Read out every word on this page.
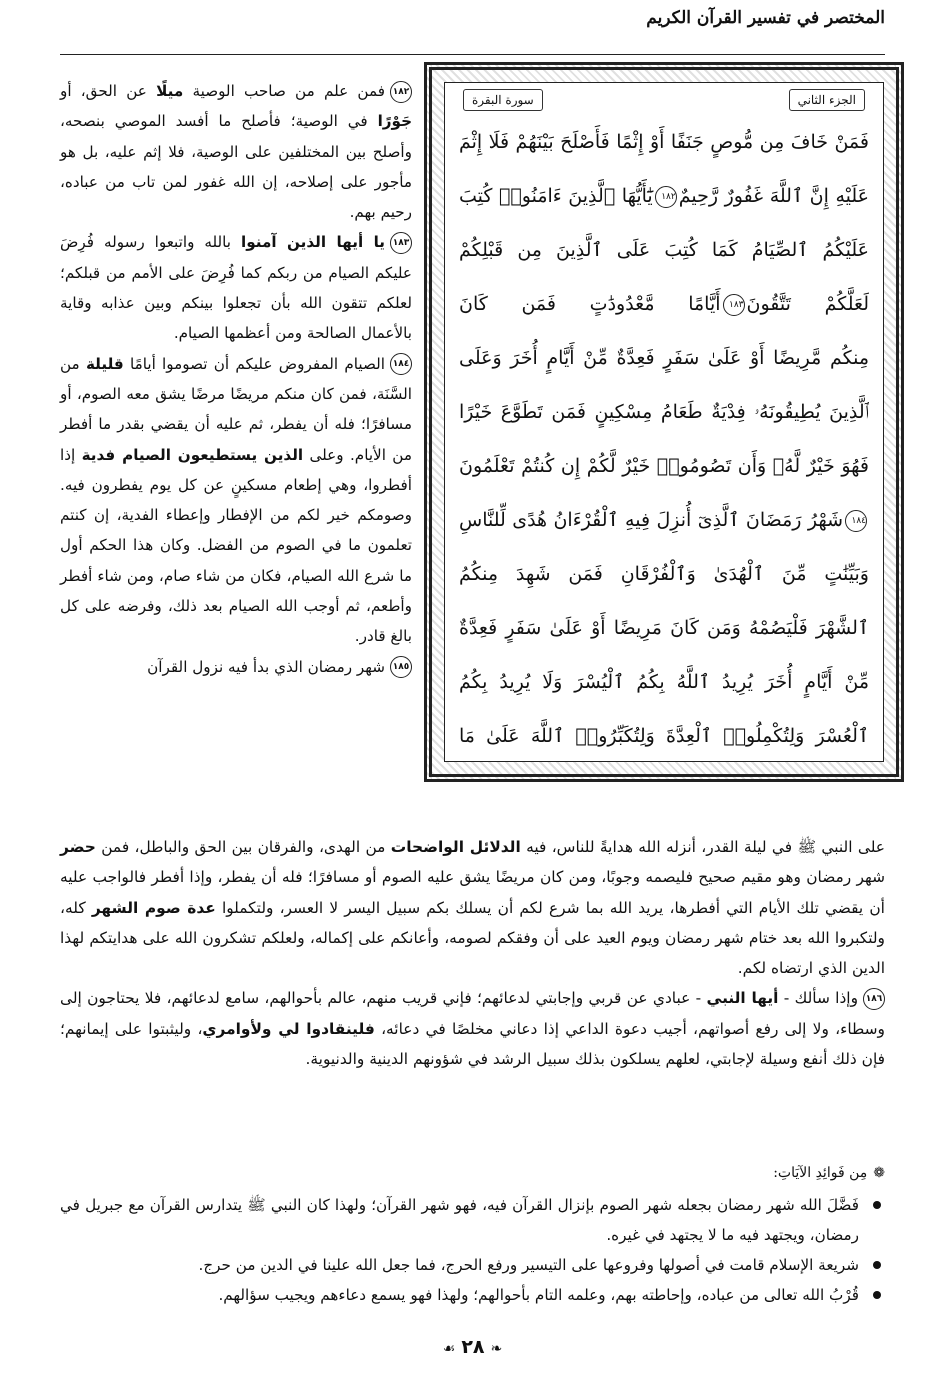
المختصر في تفسير القرآن الكريم
الجزء الثاني
سورة البقرة
فَمَنْ خَافَ مِن مُّوصٍ جَنَفًا أَوْ إِثْمًا فَأَصْلَحَ بَيْنَهُمْ فَلَا إِثْمَ
عَلَيْهِ إِنَّ ٱللَّهَ غَفُورٌ رَّحِيمٌ١٨٢يَٰٓأَيُّهَا ٱلَّذِينَ ءَامَنُوا۟ كُتِبَ
عَلَيْكُمُ ٱلصِّيَامُ كَمَا كُتِبَ عَلَى ٱلَّذِينَ مِن قَبْلِكُمْ
لَعَلَّكُمْ تَتَّقُونَ١٨٣أَيَّامًا مَّعْدُودَٰتٍ فَمَن كَانَ
مِنكُم مَّرِيضًا أَوْ عَلَىٰ سَفَرٍ فَعِدَّةٌ مِّنْ أَيَّامٍ أُخَرَ وَعَلَى
ٱلَّذِينَ يُطِيقُونَهُۥ فِدْيَةٌ طَعَامُ مِسْكِينٍ فَمَن تَطَوَّعَ خَيْرًا
فَهُوَ خَيْرٌ لَّهُۥ وَأَن تَصُومُوا۟ خَيْرٌ لَّكُمْ إِن كُنتُمْ تَعْلَمُونَ
١٨٤شَهْرُ رَمَضَانَ ٱلَّذِىٓ أُنزِلَ فِيهِ ٱلْقُرْءَانُ هُدًى لِّلنَّاسِ
وَبَيِّنَٰتٍ مِّنَ ٱلْهُدَىٰ وَٱلْفُرْقَانِ فَمَن شَهِدَ مِنكُمُ
ٱلشَّهْرَ فَلْيَصُمْهُ وَمَن كَانَ مَرِيضًا أَوْ عَلَىٰ سَفَرٍ فَعِدَّةٌ
مِّنْ أَيَّامٍ أُخَرَ يُرِيدُ ٱللَّهُ بِكُمُ ٱلْيُسْرَ وَلَا يُرِيدُ بِكُمُ
ٱلْعُسْرَ وَلِتُكْمِلُوا۟ ٱلْعِدَّةَ وَلِتُكَبِّرُوا۟ ٱللَّهَ عَلَىٰ مَا

١٨٢فمن علم من صاحب الوصية ميلًا عن الحق، أو جَوْرًا في الوصية؛ فأصلح ما أفسد الموصي بنصحه، وأصلح بين المختلفين على الوصية، فلا إثم عليه، بل هو مأجور على إصلاحه، إن الله غفور لمن تاب من عباده، رحيم بهم.

١٨٣يا أيها الذين آمنوا بالله واتبعوا رسوله فُرِضَ عليكم الصيام من ربكم كما فُرِضَ على الأمم من قبلكم؛ لعلكم تتقون الله بأن تجعلوا بينكم وبين عذابه وقاية بالأعمال الصالحة ومن أعظمها الصيام.

١٨٤الصيام المفروض عليكم أن تصوموا أيامًا قليلة من السَّنَة، فمن كان منكم مريضًا مرضًا يشق معه الصوم، أو مسافرًا؛ فله أن يفطر، ثم عليه أن يقضي بقدر ما أفطر من الأيام. وعلى الذين يستطيعون الصيام فدية إذا أفطروا، وهي إطعام مسكينٍ عن كل يوم يفطرون فيه. وصومكم خير لكم من الإفطار وإعطاء الفدية، إن كنتم تعلمون ما في الصوم من الفضل. وكان هذا الحكم أول ما شرع الله الصيام، فكان من شاء صام، ومن شاء أفطر وأطعم، ثم أوجب الله الصيام بعد ذلك، وفرضه على كل بالغ قادر.

١٨٥شهر رمضان الذي بدأ فيه نزول القرآن

على النبي ﷺ في ليلة القدر، أنزله الله هدايةً للناس، فيه الدلائل الواضحات من الهدى، والفرقان بين الحق والباطل، فمن حضر شهر رمضان وهو مقيم صحيح فليصمه وجوبًا، ومن كان مريضًا يشق عليه الصوم أو مسافرًا؛ فله أن يفطر، وإذا أفطر فالواجب عليه أن يقضي تلك الأيام التي أفطرها، يريد الله بما شرع لكم أن يسلك بكم سبيل اليسر لا العسر، ولتكملوا عدة صوم الشهر كله، ولتكبروا الله بعد ختام شهر رمضان ويوم العيد على أن وفقكم لصومه، وأعانكم على إكماله، ولعلكم تشكرون الله على هدايتكم لهذا الدين الذي ارتضاه لكم.

١٨٦وإذا سألك - أيها النبي - عبادي عن قربي وإجابتي لدعائهم؛ فإني قريب منهم، عالم بأحوالهم، سامع لدعائهم، فلا يحتاجون إلى وسطاء، ولا إلى رفع أصواتهم، أجيب دعوة الداعي إذا دعاني مخلصًا في دعائه، فلينقادوا لي ولأوامري، وليثبتوا على إيمانهم؛ فإن ذلك أنفع وسيلة لإجابتي، لعلهم يسلكون بذلك سبيل الرشد في شؤونهم الدينية والدنيوية.

❁مِن فَوائِدِ الآيَاتِ:
فَضَّلَ الله شهر رمضان بجعله شهر الصوم بإنزال القرآن فيه، فهو شهر القرآن؛ ولهذا كان النبي ﷺ يتدارس القرآن مع جبريل في رمضان، ويجتهد فيه ما لا يجتهد في غيره.
شريعة الإسلام قامت في أصولها وفروعها على التيسير ورفع الحرج، فما جعل الله علينا في الدين من حرج.
قُرْبُ الله تعالى من عباده، وإحاطته بهم، وعلمه التام بأحوالهم؛ ولهذا فهو يسمع دعاءهم ويجيب سؤالهم.
❧٢٨☙
